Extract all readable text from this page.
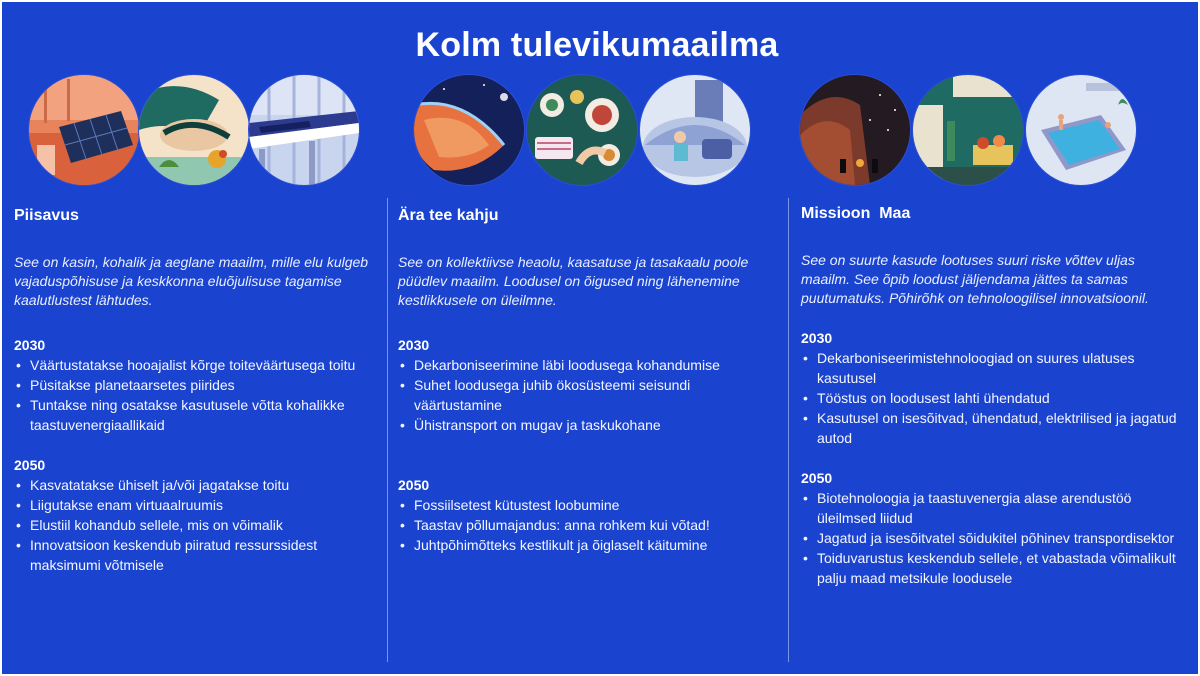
Kolm tulevikumaailma
Piisavus

See on kasin, kohalik ja aeglane maailm, mille elu kulgeb vajaduspõhisuse ja keskkonna eluõjulisuse tagamise kaalutlustest lähtudes.

2030
• Väärtustatakse hooajalist kõrge toiteväärtusega toitu
• Püsitakse planetaarsetes piirides
• Tuntakse ning osatakse kasutusele võtta kohalikke taastuvenergiaallikaid
2050
• Kasvatatakse ühiselt ja/või jagatakse toitu
• Liigutakse enam virtuaalruumis
• Elustiil kohandub sellele, mis on võimalik
• Innovatsioon keskendub piiratud ressurssidest maksimumi võtmisele
Ära tee kahju

See on kollektiivse heaolu, kaasatuse ja tasakaalu poole püüdlev maailm. Loodusel on õigused ning lähenemine kestlikkusele on üleilmne.

2030
• Dekarboniseerimine läbi loodusega kohandumise
• Suhet loodusega juhib ökosüsteemi seisundi väärtustamine
• Ühistransport on mugav ja taskukohane
2050
• Fossiilsetest kütustest loobumine
• Taastav põllumajandus: anna rohkem kui võtad!
• Juhtpõhimõtteks kestlikult ja õiglaselt käitumine
Missioon  Maa

See on suurte kasude lootuses suuri riske võttev uljas maailm. See õpib loodust jäljendama jättes ta samas puutumatuks. Põhirõhk on tehnoloogilisel innovatsioonil.

2030
• Dekarboniseerimistehnoloogiad on suures ulatuses kasutusel
• Tööstus on loodusest lahti ühendatud
• Kasutusel on isesõitvad, ühendatud, elektrilised ja jagatud autod
2050
• Biotehnoloogia ja taastuvenergia alase arendustöö üleilmsed liidud
• Jagatud ja isesõitvatel sõidukitel põhinev transpordisektor
• Toiduvarustus keskendub sellele, et vabastada võimalikult palju maad metsikule loodusele
